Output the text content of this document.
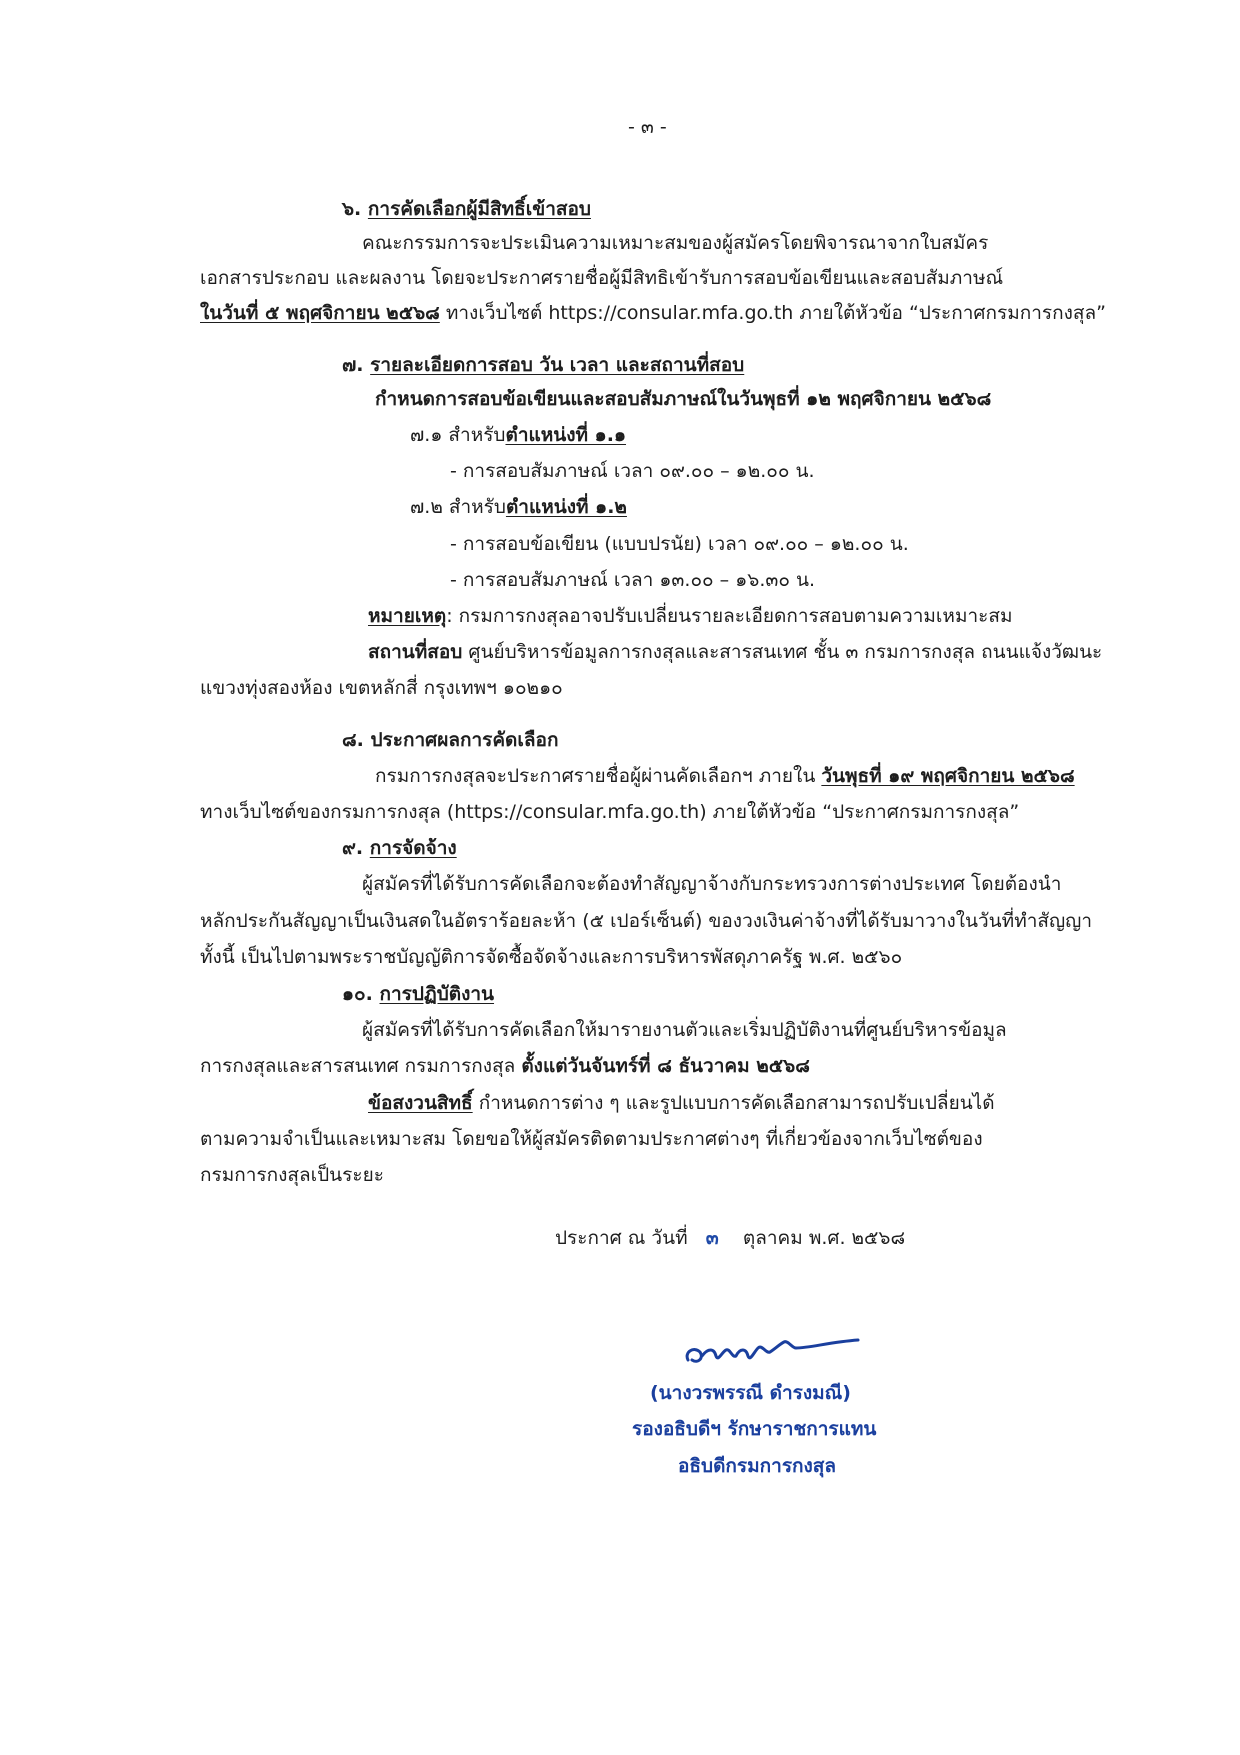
- ๓ -
๖. การคัดเลือกผู้มีสิทธิ์เข้าสอบ
คณะกรรมการจะประเมินความเหมาะสมของผู้สมัครโดยพิจารณาจากใบสมัคร
เอกสารประกอบ และผลงาน โดยจะประกาศรายชื่อผู้มีสิทธิเข้ารับการสอบข้อเขียนและสอบสัมภาษณ์
ในวันที่ ๕ พฤศจิกายน ๒๕๖๘ ทางเว็บไซต์ https://consular.mfa.go.th ภายใต้หัวข้อ “ประกาศกรมการกงสุล”
๗. รายละเอียดการสอบ วัน เวลา และสถานที่สอบ
กำหนดการสอบข้อเขียนและสอบสัมภาษณ์ในวันพุธที่ ๑๒ พฤศจิกายน ๒๕๖๘
๗.๑ สำหรับตำแหน่งที่ ๑.๑
- การสอบสัมภาษณ์ เวลา ๐๙.๐๐ – ๑๒.๐๐ น.
๗.๒ สำหรับตำแหน่งที่ ๑.๒
- การสอบข้อเขียน (แบบปรนัย) เวลา ๐๙.๐๐ – ๑๒.๐๐ น.
- การสอบสัมภาษณ์ เวลา ๑๓.๐๐ – ๑๖.๓๐ น.
หมายเหตุ: กรมการกงสุลอาจปรับเปลี่ยนรายละเอียดการสอบตามความเหมาะสม
สถานที่สอบ ศูนย์บริหารข้อมูลการกงสุลและสารสนเทศ ชั้น ๓ กรมการกงสุล ถนนแจ้งวัฒนะ
แขวงทุ่งสองห้อง เขตหลักสี่ กรุงเทพฯ ๑๐๒๑๐
๘. ประกาศผลการคัดเลือก
กรมการกงสุลจะประกาศรายชื่อผู้ผ่านคัดเลือกฯ ภายใน วันพุธที่ ๑๙ พฤศจิกายน ๒๕๖๘
ทางเว็บไซต์ของกรมการกงสุล (https://consular.mfa.go.th) ภายใต้หัวข้อ “ประกาศกรมการกงสุล”
๙. การจัดจ้าง
ผู้สมัครที่ได้รับการคัดเลือกจะต้องทำสัญญาจ้างกับกระทรวงการต่างประเทศ โดยต้องนำ
หลักประกันสัญญาเป็นเงินสดในอัตราร้อยละห้า (๕ เปอร์เซ็นต์) ของวงเงินค่าจ้างที่ได้รับมาวางในวันที่ทำสัญญา
ทั้งนี้ เป็นไปตามพระราชบัญญัติการจัดซื้อจัดจ้างและการบริหารพัสดุภาครัฐ พ.ศ. ๒๕๖๐
๑๐. การปฏิบัติงาน
ผู้สมัครที่ได้รับการคัดเลือกให้มารายงานตัวและเริ่มปฏิบัติงานที่ศูนย์บริหารข้อมูล
การกงสุลและสารสนเทศ กรมการกงสุล ตั้งแต่วันจันทร์ที่ ๘ ธันวาคม ๒๕๖๘
ข้อสงวนสิทธิ์ กำหนดการต่าง ๆ และรูปแบบการคัดเลือกสามารถปรับเปลี่ยนได้
ตามความจำเป็นและเหมาะสม โดยขอให้ผู้สมัครติดตามประกาศต่างๆ ที่เกี่ยวข้องจากเว็บไซต์ของ
กรมการกงสุลเป็นระยะ
ประกาศ ณ วันที่ ๓ ตุลาคม พ.ศ. ๒๕๖๘
(นางวรพรรณี ดำรงมณี)
รองอธิบดีฯ รักษาราชการแทน
อธิบดีกรมการกงสุล
